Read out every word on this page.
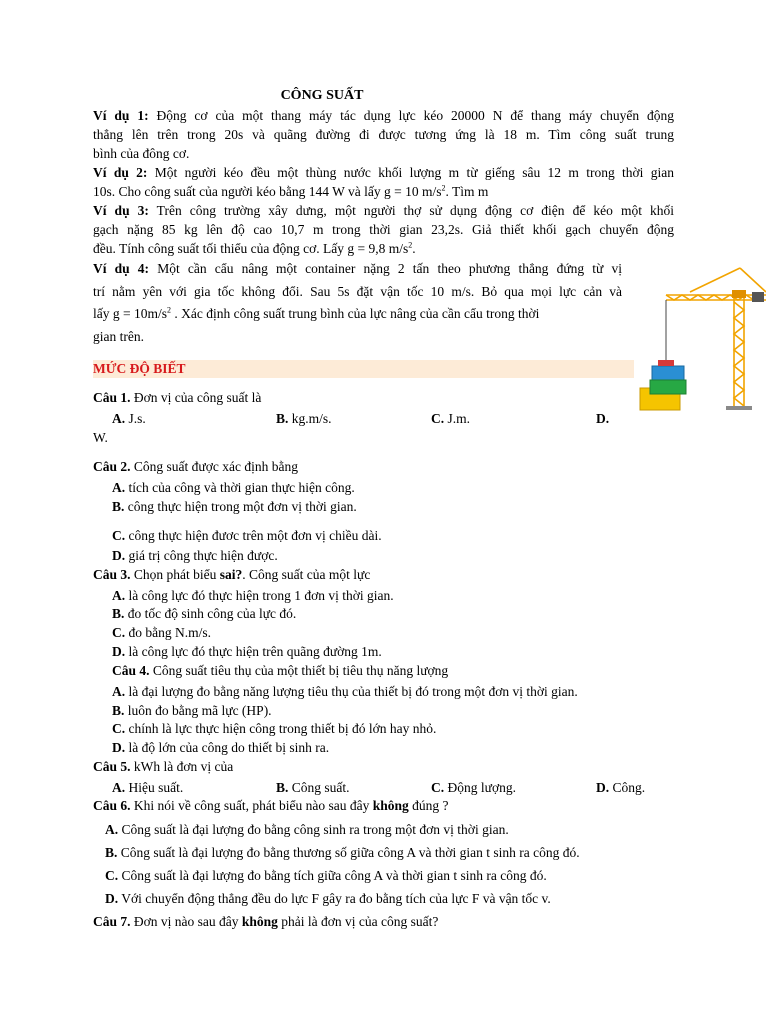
CÔNG SUẤT
Ví dụ 1: Động cơ của một thang máy tác dụng lực kéo 20000 N để thang máy chuyển động
thẳng lên trên trong 20s và quãng đường đi được tương ứng là 18 m. Tìm công suất trung
bình của đông cơ.
Ví dụ 2: Một người kéo đều một thùng nước khối lượng m từ giếng sâu 12 m trong thời gian
10s. Cho công suất của người kéo bằng 144 W và lấy g = 10 $m/s^2$. Tìm m
Ví dụ 3: Trên công trường xây dưng, một người thợ sử dụng động cơ điện để kéo một khối
gạch nặng 85 kg lên độ cao 10,7 m trong thời gian 23,2s. Giả thiết khối gạch chuyển động
đều. Tính công suất tối thiểu của động cơ. Lấy g = 9,8 $m/s^2$.
Ví dụ 4: Một cần cẩu nâng một container nặng 2 tấn theo phương thẳng đứng từ vị
trí nằm yên với gia tốc không đổi. Sau 5s đặt vận tốc 10 m/s. Bỏ qua mọi lực cản và
lấy $g = 10m/s^2$ . Xác định công suất trung bình của lực nâng của cần cẩu trong thời
gian trên.
MỨC ĐỘ BIẾT
Câu 1. Đơn vị của công suất là
A. J.s.	B. kg.m/s.	C. J.m.	D.
W.
Câu 2. Công suất được xác định bằng
A. tích của công và thời gian thực hiện công.
B. công thực hiện trong một đơn vị thời gian.
C. công thực hiện đươc trên một đơn vị chiều dài.
D. giá trị công thực hiện được.
Câu 3. Chọn phát biểu sai?. Công suất của một lực
A. là công lực đó thực hiện trong 1 đơn vị thời gian.
B. đo tốc độ sinh công của lực đó.
C. đo bằng N.m/s.
D. là công lực đó thực hiện trên quãng đường 1m.
Câu 4. Công suất tiêu thụ của một thiết bị tiêu thụ năng lượng
A. là đại lượng đo bằng năng lượng tiêu thụ của thiết bị đó trong một đơn vị thời gian.
B. luôn đo bằng mã lực (HP).
C. chính là lực thực hiện công trong thiết bị đó lớn hay nhỏ.
D. là độ lớn của công do thiết bị sinh ra.
Câu 5. kWh là đơn vị của
A. Hiệu suất.	B. Công suất.	C. Động lượng.	D. Công.
Câu 6. Khi nói về công suất, phát biểu nào sau đây không đúng ?
A. Công suất là đại lượng đo bằng công sinh ra trong một đơn vị thời gian.
B. Công suất là đại lượng đo bằng thương số giữa công A và thời gian t sinh ra công đó.
C. Công suất là đại lượng đo bằng tích giữa công A và thời gian t sinh ra công đó.
D. Với chuyển động thẳng đều do lực F gây ra đo bằng tích của lực F và vận tốc v.
Câu 7. Đơn vị nào sau đây không phải là đơn vị của công suất?
